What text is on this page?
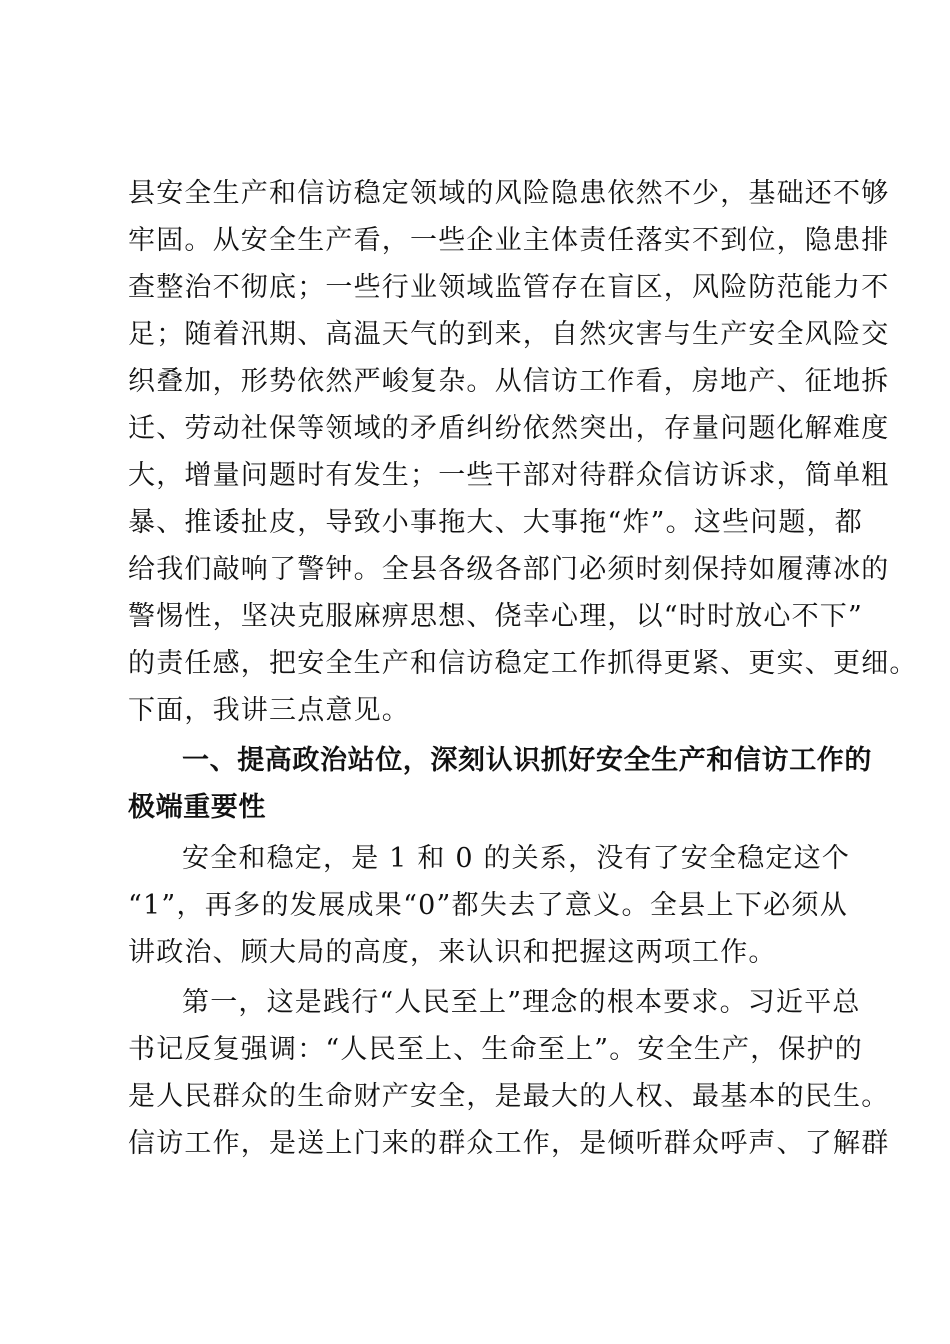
县安全生产和信访稳定领域的风险隐患依然不少，基础还不够
牢固。从安全生产看，一些企业主体责任落实不到位，隐患排
查整治不彻底；一些行业领域监管存在盲区，风险防范能力不
足；随着汛期、高温天气的到来，自然灾害与生产安全风险交
织叠加，形势依然严峻复杂。从信访工作看，房地产、征地拆
迁、劳动社保等领域的矛盾纠纷依然突出，存量问题化解难度
大，增量问题时有发生；一些干部对待群众信访诉求，简单粗
暴、推诿扯皮，导致小事拖大、大事拖“炸”。这些问题，都
给我们敲响了警钟。全县各级各部门必须时刻保持如履薄冰的
警惕性，坚决克服麻痹思想、侥幸心理，以“时时放心不下”
的责任感，把安全生产和信访稳定工作抓得更紧、更实、更细。
下面，我讲三点意见。
一、提高政治站位，深刻认识抓好安全生产和信访工作的
极端重要性
安全和稳定，是 1 和 0 的关系，没有了安全稳定这个
“1”，再多的发展成果“0”都失去了意义。全县上下必须从
讲政治、顾大局的高度，来认识和把握这两项工作。
第一，这是践行“人民至上”理念的根本要求。习近平总
书记反复强调：“人民至上、生命至上”。安全生产，保护的
是人民群众的生命财产安全，是最大的人权、最基本的民生。
信访工作，是送上门来的群众工作，是倾听群众呼声、了解群
